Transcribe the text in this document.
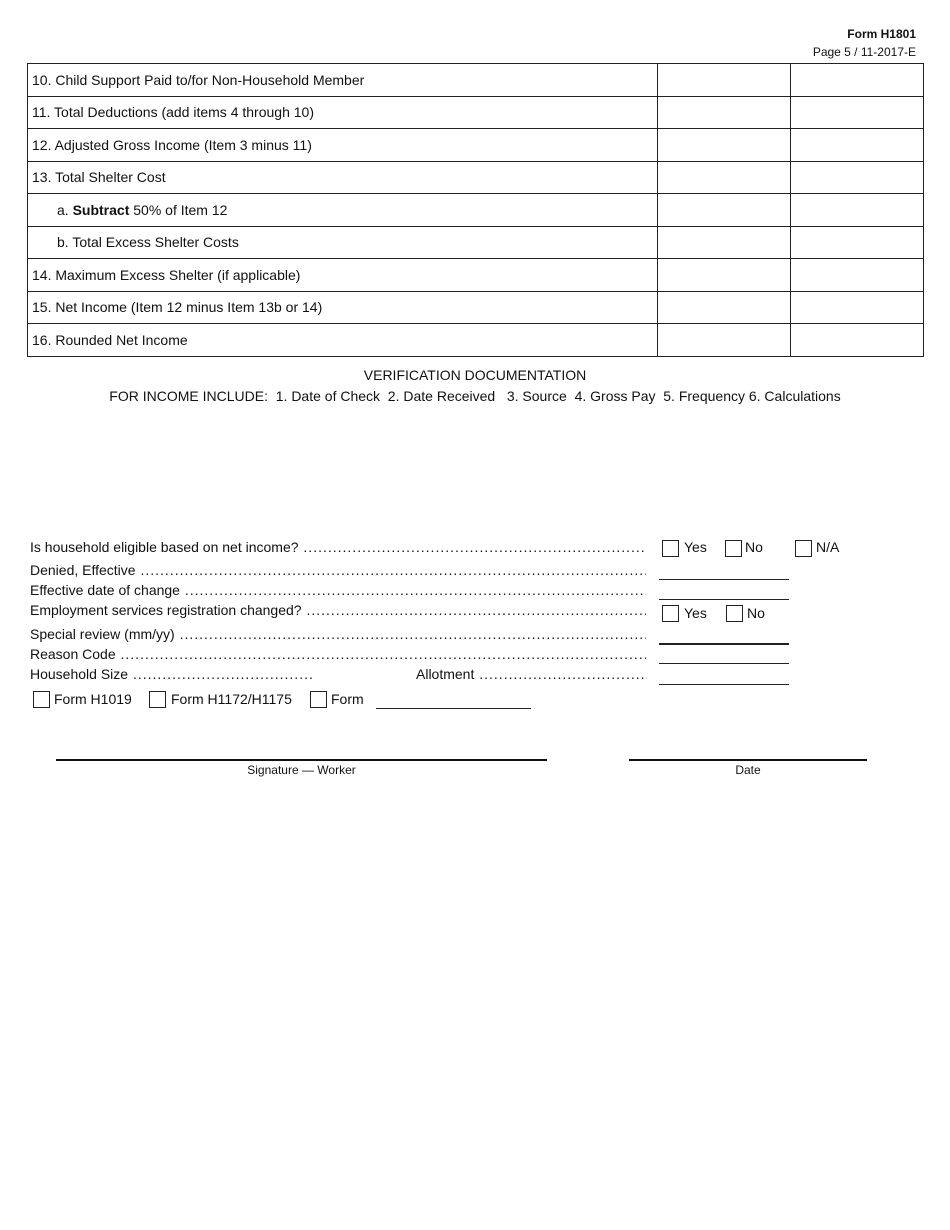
Form H1801
Page 5 / 11-2017-E
10. Child Support Paid to/for Non-Household Member		
11. Total Deductions (add items 4 through 10)		
12. Adjusted Gross Income (Item 3 minus 11)		
13. Total Shelter Cost		
a. Subtract 50% of Item 12		
b. Total Excess Shelter Costs		
14. Maximum Excess Shelter (if applicable)		
15. Net Income (Item 12 minus Item 13b or 14)		
16. Rounded Net Income		
VERIFICATION DOCUMENTATION
FOR INCOME INCLUDE:  1. Date of Check  2. Date Received   3. Source  4. Gross Pay  5. Frequency 6. Calculations
Is household eligible based on net income? .....	Yes	No	N/A
Denied, Effective .....
Effective date of change .....
Employment services registration changed? .....	Yes	No
Special review (mm/yy) .....
Reason Code .....
Household Size .....	Allotment .....
Form H1019	Form H1172/H1175	Form
Signature — Worker	Date
